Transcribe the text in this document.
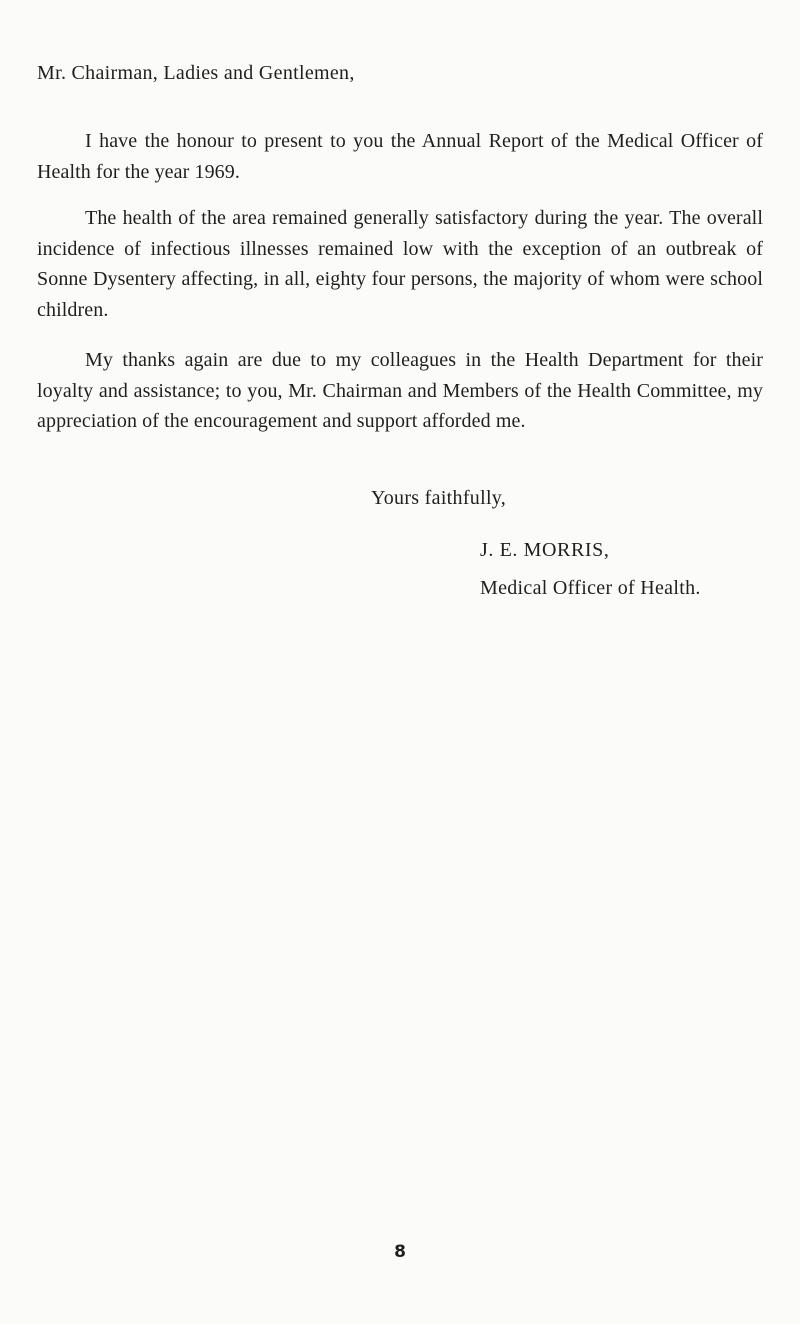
Mr. Chairman, Ladies and Gentlemen,

I have the honour to present to you the Annual Report of the Medical Officer of Health for the year 1969.

The health of the area remained generally satisfactory during the year. The overall incidence of infectious illnesses remained low with the exception of an outbreak of Sonne Dysentery affecting, in all, eighty four persons, the majority of whom were school children.

My thanks again are due to my colleagues in the Health Department for their loyalty and assistance; to you, Mr. Chairman and Members of the Health Committee, my appreciation of the encouragement and support afforded me.

Yours faithfully,

J. E. MORRIS,

Medical Officer of Health.

8
